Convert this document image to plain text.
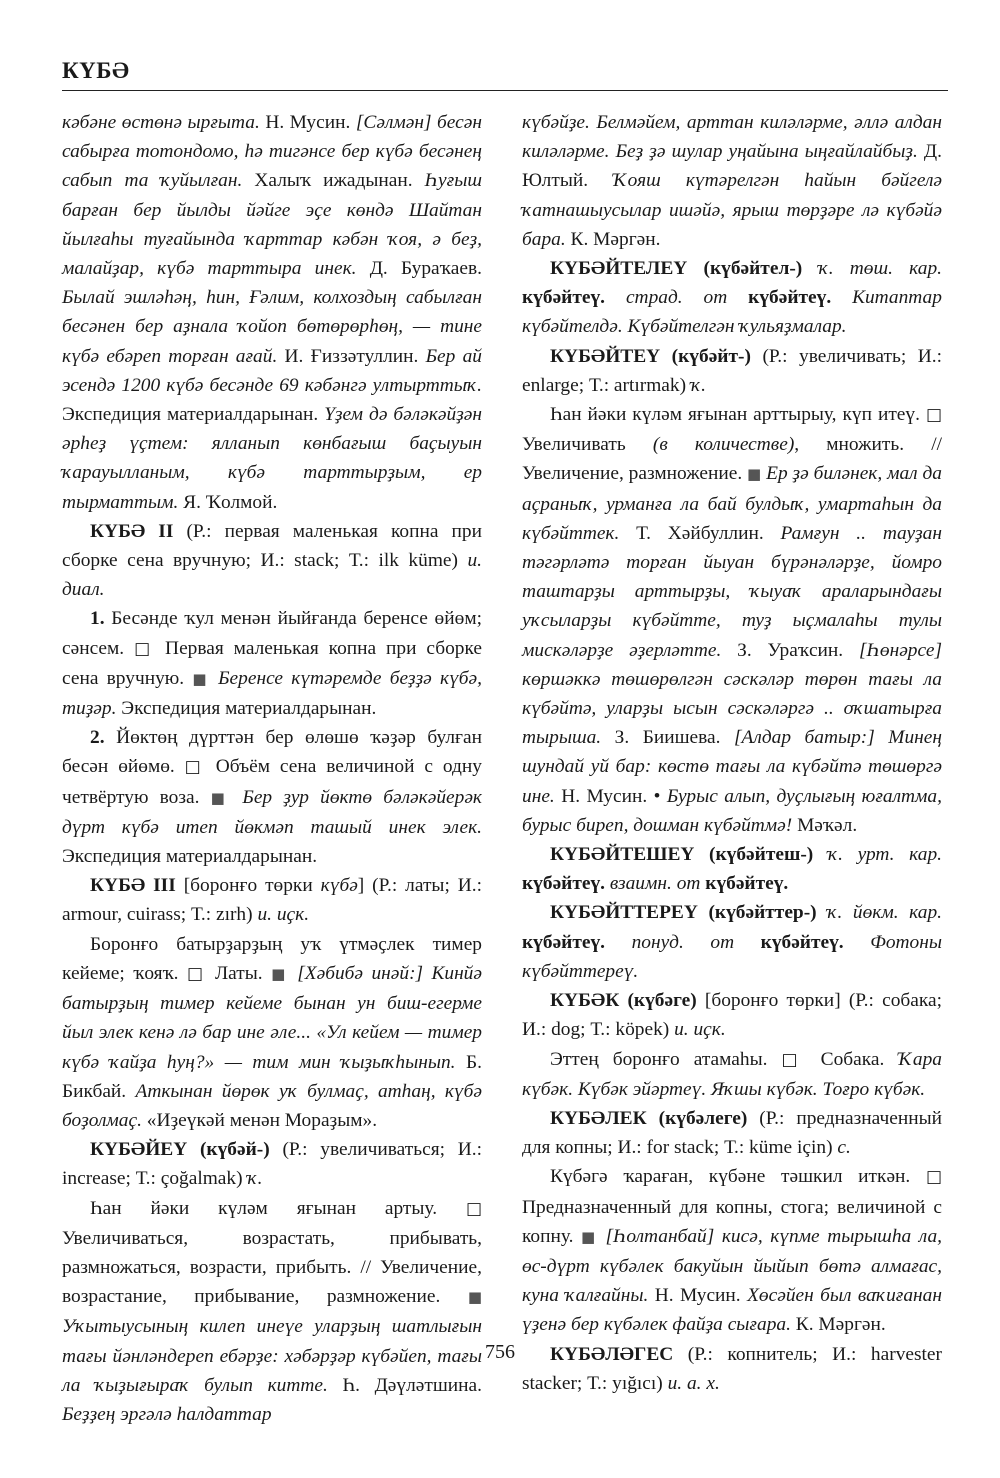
КҮБӘ

кәбәне өстөнә ырғыта. Н. Мусин. [Сәлмән] бесән сабырға тотондомо, һә тигәнсе бер күбә бесәнең сабып та ҡуйылған. Халыҡ ижадынан. Һуғыш барған бер йылды йәйге эҫе көндә Шайтан йылғаһы туғайында ҡарттар кәбән ҡоя, ә беҙ, малайҙар, күбә тарттыра инек. Д. Бураҡаев. Былай эшләһәң, һин, Ғәлим, колхоздың сабылған бесәнен бер аҙнала ҡойоп бөтөрөрһөң, — тине күбә ебәреп торған ағай. И. Ғиззәтуллин. Бер ай эсендә 1200 күбә бесәнде 69 кәбәнгә ултырттыҡ. Экспедиция материалдарынан. Үҙем дә бәләкәйҙән әрһеҙ үҫтем: ялланып көнбағыш баҫыуын ҡарауылланым, күбә тарттырҙым, ер тырматтым. Я. Ҡолмой.

КҮБӘ II (Р.: первая маленькая копна при сборке сена вручную; И.: stack; Т.: ilk küme) и. диал.

1. Бесәнде ҡул менән йыйғанда беренсе өйөм; сәнсем. □ Первая маленькая копна при сборке сена вручную. ■ Беренсе күтәремде беҙҙә күбә, тиҙәр. Экспедиция материалдарынан.

2. Йөктөң дүрттән бер өлөшө ҡәҙәр булған бесән өйөмө. □ Объём сена величиной с одну четвёртую воза. ■ Бер ҙур йөктө бәләкәйерәк дүрт күбә итеп йөкмәп ташый инек элек. Экспедиция материалдарынан.

КҮБӘ III [боронғо төрки күбә] (Р.: латы; И.: armour, cuirass; Т.: zırh) и. иҫк.

Боронғо батырҙарҙың уҡ үтмәҫлек тимер кейеме; ҡояҡ. □ Латы. ■ [Хәбибә инәй:] Кинйә батырҙың тимер кейеме бынан ун биш-егерме йыл элек кенә лә бар ине әле... «Ул кейем — тимер күбә ҡайҙа һуң?» — тим мин ҡыҙыҡһынып. Б. Бикбай. Аткынан йөрөк уҡ булмаҫ, атһаң, күбә боҙолмаҫ. «Иҙеүкәй менән Мораҙым».

КҮБӘЙЕҮ (күбәй-) (Р.: увеличиваться; И.: increase; Т.: çoğalmak) ҡ.

Һан йәки күләм яғынан артыу. □ Увеличиваться, возрастать, прибывать, размножаться, возрасти, прибыть. // Увеличение, возрастание, прибывание, размножение. ■ Уҡытыусының килеп инеүе уларҙың шатлығын тағы йәнләндереп ебәрҙе: хәбәрҙәр күбәйеп, тағы ла ҡыҙығыраҡ булып китте. Һ. Дәүләтшина. Беҙҙең эргәлә һалдаттар

күбәйҙе. Белмәйем, арттан киләләрме, әллә алдан киләләрме. Беҙ ҙә шулар уңайына ыңғайлайбыҙ. Д. Юлтый. Ҡояш күтәрелгән һайын бәйгелә ҡатнашыусылар ишәйә, ярыш төрҙәре лә күбәйә бара. К. Мәргән.

КҮБӘЙТЕЛЕҮ (күбәйтел-) ҡ. төш. кар. күбәйтеү. страд. от күбәйтеү. Китаптар күбәйтелдә. Күбәйтелгән ҡульяҙмалар.

КҮБӘЙТЕҮ (күбәйт-) (Р.: увеличивать; И.: enlarge; Т.: artırmak) ҡ.

Һан йәки күләм яғынан арттырыу, күп итеү. □ Увеличивать (в количестве), множить. // Увеличение, размножение. ■ Ер ҙә биләнек, мал да аҫраныҡ, урманға ла бай булдыҡ, умартаһын да күбәйттек. Т. Хәйбуллин. Рамғун .. тауҙан тәгәрләтә торған йыуан бүрәнәләрҙе, йомро таштарҙы арттырҙы, ҡыуаҡ араларындағы уҡсыларҙы күбәйтте, туҙ ыҫмалаһы тулы мискәләрҙе әҙерләтте. З. Ураҡсин. [Һөнәрсе] көршәккә төшөрөлгән сәскәләр төрөн тағы ла күбәйтә, уларҙы ысын сәскәләргә .. оҡшатырға тырыша. З. Биишева. [Алдар батыр:] Минең шундай уй бар: көстө тағы ла күбәйтә төшөргә ине. Н. Мусин. • Бурыс алып, дуҫлығың юғалтма, бурыс биреп, дошман күбәйтмә! Мәҡәл.

КҮБӘЙТЕШЕҮ (күбәйтеш-) ҡ. урт. кар. күбәйтеү. взаимн. от күбәйтеү.

КҮБӘЙТТЕРЕҮ (күбәйттер-) ҡ. йөкм. кар. күбәйтеү. понуд. от күбәйтеү. Фотоны күбәйттереү.

КҮБӘК (күбәге) [боронғо төрки] (Р.: собака; И.: dog; Т.: köpek) и. иҫк.

Эттең боронғо атамаһы. □ Собака. Ҡара күбәк. Күбәк эйәртеү. Яҡшы күбәк. Тоғро күбәк.

КҮБӘЛЕК (күбәлеге) (Р.: предназначенный для копны; И.: for stack; Т.: küme için) с.

Күбәгә ҡараған, күбәне тәшкил иткән. □ Предназначенный для копны, стога; величиной с копну. ■ [Һолтанбай] кисә, күпме тырышһа ла, өс-дүрт күбәлек бакуйын йыйып бөтә алмағас, куна ҡалғайны. Н. Мусин. Хөсәйен был ваҡиғанан үҙенә бер күбәлек файҙа сығара. К. Мәргән.

КҮБӘЛӘГЕС (Р.: копнитель; И.: harvester stacker; Т.: yığıcı) и. а. х.

756
